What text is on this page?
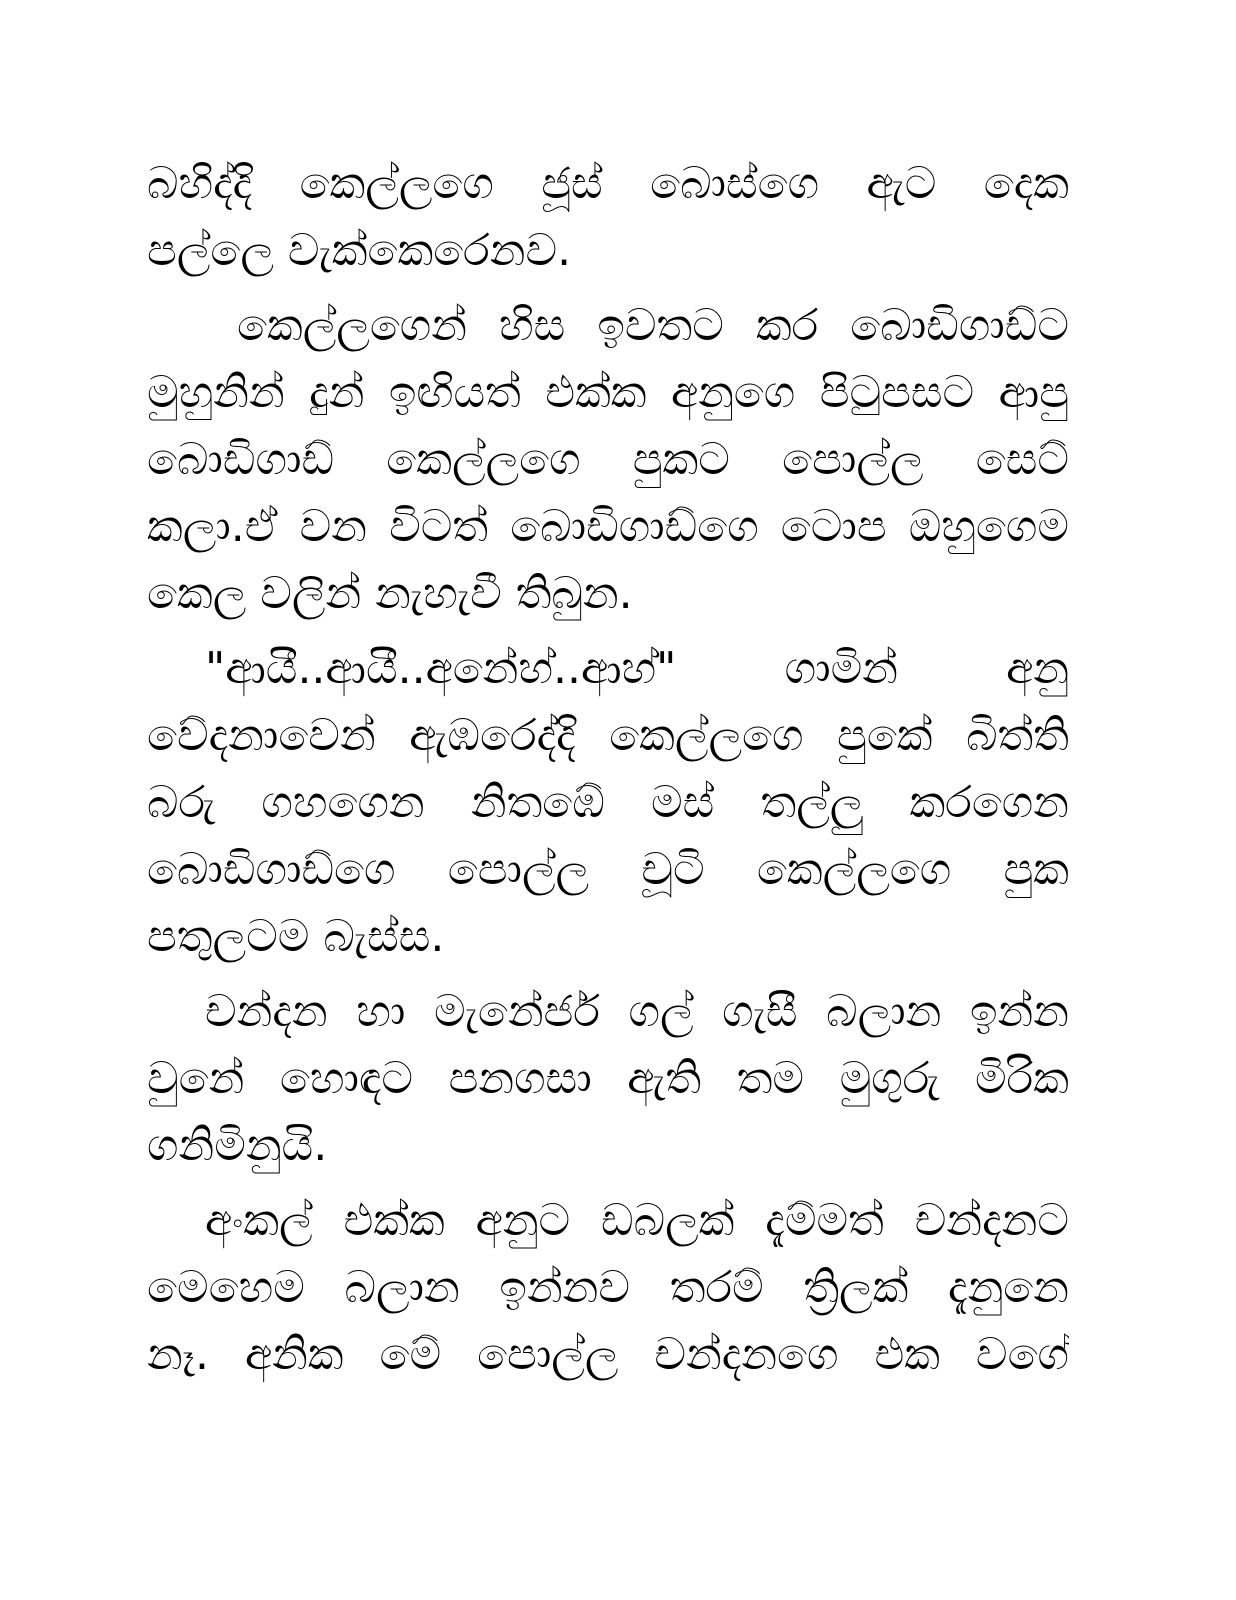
බහිද්දි කෙල්ලගෙ ජූස් බොස්ගෙ ඇට දෙක
පල්ලෙ වැක්කෙරෙනව.

කෙල්ලගෙන් හිස ඉවතට කර බොඩිගාඩ්ට
මුහුනින් දුන් ඉඟියත් එක්ක අනුගෙ පිටුපසට ආපු
බොඩිගාඩ් කෙල්ලගෙ පුකට පොල්ල සෙට්
කලා.ඒ වන විටත් බොඩිගාඩ්ගෙ ටොප ඔහුගෙම
කෙල වලින් නැහැවී තිබුන.

"ආයී..ආයී..අනේහ්..ආහ්" ගාමින් අනු
වේදනාවෙන් ඇඹරෙද්දි කෙල්ලගෙ පුකේ බිත්ති
බරු ගහගෙන නිතඹේ මස් තල්ලු කරගෙන
බොඩිගාඩ්ගෙ පොල්ල චූටි කෙල්ලගෙ පුක
පතුලටම බැස්ස.

චන්දන හා මැනේජර් ගල් ගැසී බලාන ඉන්න
වුනේ හොඳට පනගසා ඇති තම මුගුරු මිරික
ගනිමිනුයි.

අංකල් එක්ක අනුට ඩබලක් දැම්මත් චන්දනට
මෙහෙම බලාන ඉන්නව තරම් ත්‍රිලක් දැනුනෙ
නෑ. අනික මේ පොල්ල චන්දනගෙ එක වගේ
